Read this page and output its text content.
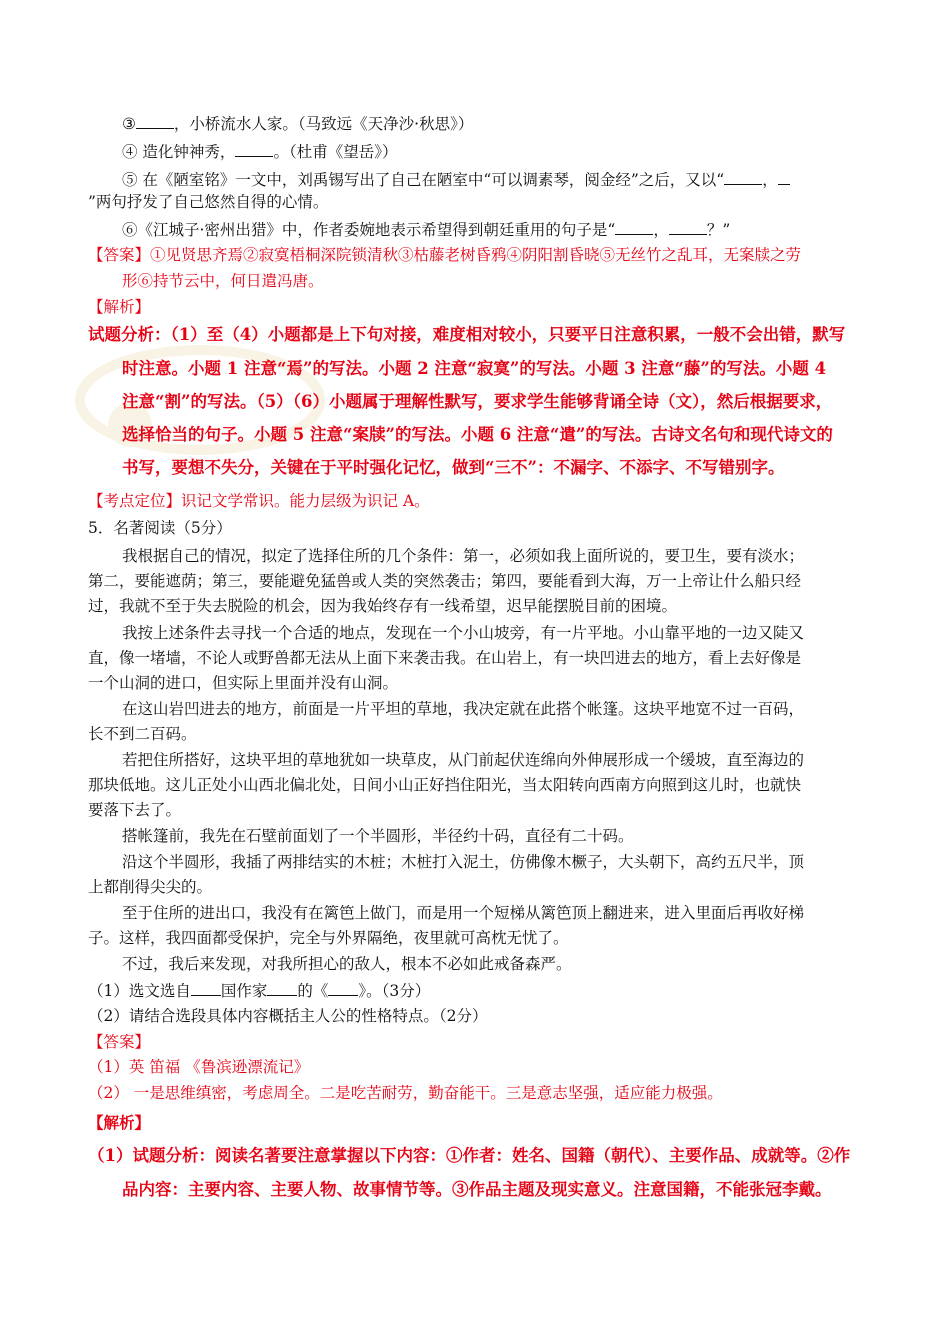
③ ，小桥流水人家。（马致远《天净沙·秋思》）
④ 造化钟神秀， 。（杜甫《望岳》）
⑤ 在《陋室铭》一文中，刘禹锡写出了自己在陋室中“可以调素琴，阅金经”之后，又以“ ，
”两句抒发了自己悠然自得的心情。
⑥《江城子·密州出猎》中，作者委婉地表示希望得到朝廷重用的句子是“ ， ？”
【答案】①见贤思齐焉②寂寞梧桐深院锁清秋③枯藤老树昏鸦④阴阳割昏晓⑤无丝竹之乱耳，无案牍之劳
形⑥持节云中，何日遣冯唐。
【解析】
试题分析：（1）至（4）小题都是上下句对接，难度相对较小，只要平日注意积累，一般不会出错，默写
时注意。小题 1 注意“焉”的写法。小题 2 注意“寂寞”的写法。小题 3 注意“藤”的写法。小题 4
注意“割”的写法。（5）（6）小题属于理解性默写，要求学生能够背诵全诗（文），然后根据要求，
选择恰当的句子。小题 5 注意“案牍”的写法。小题 6 注意“遣”的写法。古诗文名句和现代诗文的
书写，要想不失分，关键在于平时强化记忆，做到“三不”：不漏字、不添字、不写错别字。
【考点定位】识记文学常识。能力层级为识记 A。
5．名著阅读（5分）
我根据自己的情况，拟定了选择住所的几个条件：第一，必须如我上面所说的，要卫生，要有淡水；
第二，要能遮荫；第三，要能避免猛兽或人类的突然袭击；第四，要能看到大海，万一上帝让什么船只经
过，我就不至于失去脱险的机会，因为我始终存有一线希望，迟早能摆脱目前的困境。
我按上述条件去寻找一个合适的地点，发现在一个小山坡旁，有一片平地。小山靠平地的一边又陡又
直，像一堵墙，不论人或野兽都无法从上面下来袭击我。在山岩上，有一块凹进去的地方，看上去好像是
一个山洞的进口，但实际上里面并没有山洞。
在这山岩凹进去的地方，前面是一片平坦的草地，我决定就在此搭个帐篷。这块平地宽不过一百码，
长不到二百码。
若把住所搭好，这块平坦的草地犹如一块草皮，从门前起伏连绵向外伸展形成一个缓坡，直至海边的
那块低地。这儿正处小山西北偏北处，日间小山正好挡住阳光，当太阳转向西南方向照到这儿时，也就快
要落下去了。
搭帐篷前，我先在石壁前面划了一个半圆形，半径约十码，直径有二十码。
沿这个半圆形，我插了两排结实的木桩；木桩打入泥土，仿佛像木橛子，大头朝下，高约五尺半，顶
上都削得尖尖的。
至于住所的进出口，我没有在篱笆上做门，而是用一个短梯从篱笆顶上翻进来，进入里面后再收好梯
子。这样，我四面都受保护，完全与外界隔绝，夜里就可高枕无忧了。
不过，我后来发现，对我所担心的敌人，根本不必如此戒备森严。
（1）选文选自 国作家 的《 》。（3分）
（2）请结合选段具体内容概括主人公的性格特点。（2分）
【答案】
（1）英 笛福 《鲁滨逊漂流记》
（2） 一是思维缜密，考虑周全。二是吃苦耐劳，勤奋能干。三是意志坚强，适应能力极强。
【解析】
（1）试题分析：阅读名著要注意掌握以下内容：①作者：姓名、国籍（朝代）、主要作品、成就等。②作
品内容：主要内容、主要人物、故事情节等。③作品主题及现实意义。注意国籍，不能张冠李戴。
